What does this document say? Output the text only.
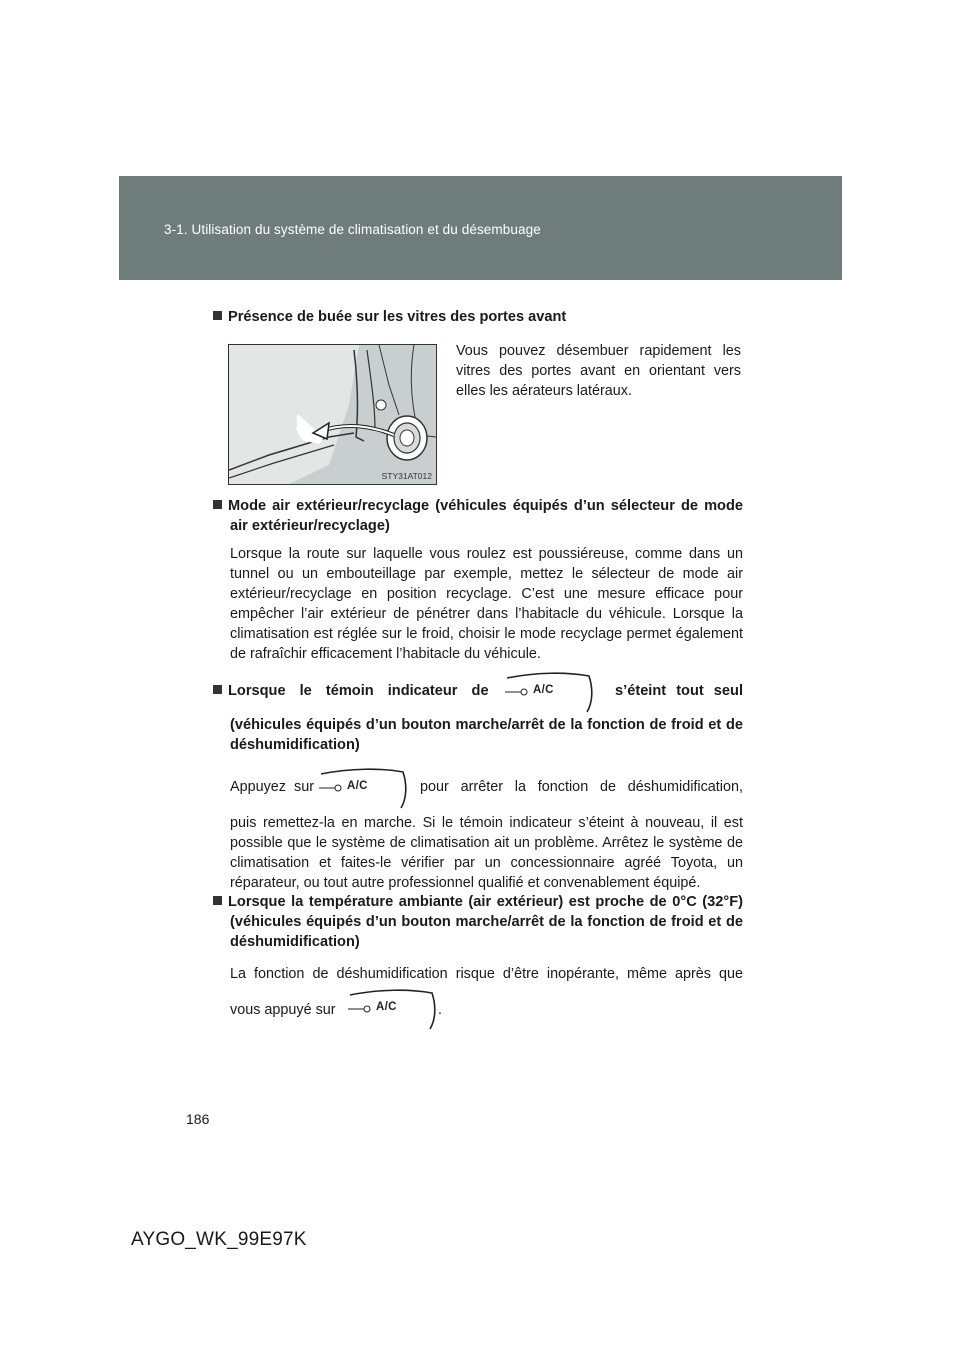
3-1. Utilisation du système de climatisation et du désembuage
Présence de buée sur les vitres des portes avant
STY31AT012
Vous pouvez désembuer rapidement les vitres des portes avant en orientant vers elles les aérateurs latéraux.
Mode air extérieur/recyclage (véhicules équipés d’un sélecteur de mode air extérieur/recyclage)
Lorsque la route sur laquelle vous roulez est poussiéreuse, comme dans un tunnel ou un embouteillage par exemple, mettez le sélecteur de mode air extérieur/recyclage en position recyclage. C’est une mesure efficace pour empêcher l’air extérieur de pénétrer dans l’habitacle du véhicule. Lorsque la climatisation est réglée sur le froid, choisir le mode recyclage permet également de rafraîchir efficacement l’habitacle du véhicule.
Lorsque le témoin indicateur de	A/C	s’éteint tout seul
(véhicules équipés d’un bouton marche/arrêt de la fonction de froid et de déshumidification)
Appuyez sur	A/C	pour arrêter la fonction de déshumidification,
puis remettez-la en marche. Si le témoin indicateur s’éteint à nouveau, il est possible que le système de climatisation ait un problème. Arrêtez le système de climatisation et faites-le vérifier par un concessionnaire agréé Toyota, un réparateur, ou tout autre professionnel qualifié et convenablement équipé.
Lorsque la température ambiante (air extérieur) est proche de 0°C (32°F) (véhicules équipés d’un bouton marche/arrêt de la fonction de froid et de déshumidification)
La fonction de déshumidification risque d’être inopérante, même après que
vous appuyé sur	A/C	.
186
AYGO_WK_99E97K
